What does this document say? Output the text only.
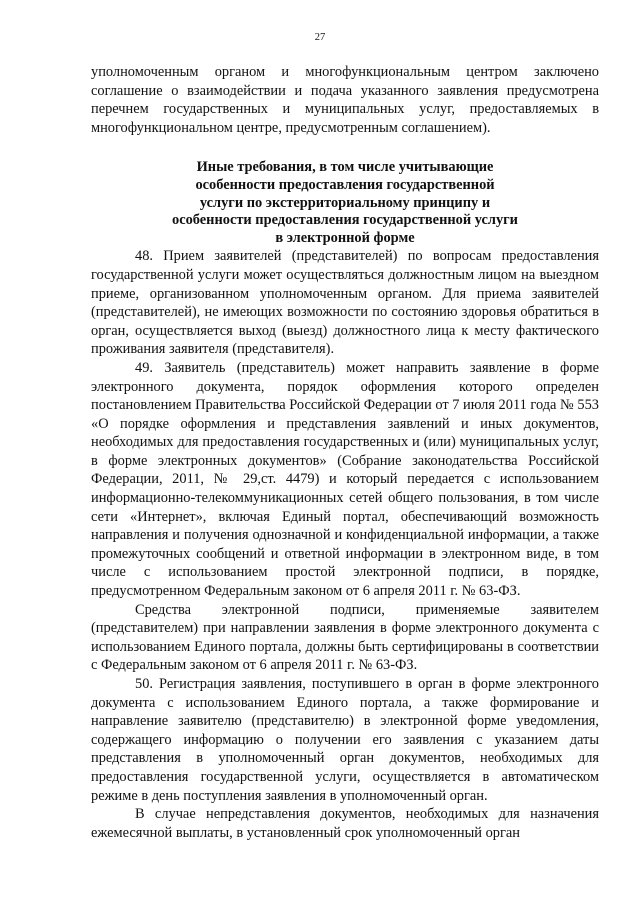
27

уполномоченным органом и многофункциональным центром заключено соглашение о взаимодействии и подача указанного заявления предусмотрена перечнем государственных и муниципальных услуг, предоставляемых в многофункциональном центре, предусмотренным соглашением).

Иные требования, в том числе учитывающие
особенности предоставления государственной
услуги по экстерриториальному принципу и
особенности предоставления государственной услуги
в электронной форме

48. Прием заявителей (представителей) по вопросам предоставления государственной услуги может осуществляться должностным лицом на выездном приеме, организованном уполномоченным органом. Для приема заявителей (представителей), не имеющих возможности по состоянию здоровья обратиться в орган, осуществляется выход (выезд) должностного лица к месту фактического проживания заявителя (представителя).

49. Заявитель (представитель) может направить заявление в форме электронного документа, порядок оформления которого определен постановлением Правительства Российской Федерации от 7 июля 2011 года № 553 «О порядке оформления и представления заявлений и иных документов, необходимых для предоставления государственных и (или) муниципальных услуг, в форме электронных документов» (Собрание законодательства Российской Федерации, 2011, № 29,ст. 4479) и который передается с использованием информационно-телекоммуникационных сетей общего пользования, в том числе сети «Интернет», включая Единый портал, обеспечивающий возможность направления и получения однозначной и конфиденциальной информации, а также промежуточных сообщений и ответной информации в электронном виде, в том числе с использованием простой электронной подписи, в порядке, предусмотренном Федеральным законом от 6 апреля 2011 г. № 63-ФЗ.

Средства электронной подписи, применяемые заявителем (представителем) при направлении заявления в форме электронного документа с использованием Единого портала, должны быть сертифицированы в соответствии с Федеральным законом от 6 апреля 2011 г. № 63-ФЗ.

50. Регистрация заявления, поступившего в орган в форме электронного документа с использованием Единого портала, а также формирование и направление заявителю (представителю) в электронной форме уведомления, содержащего информацию о получении его заявления с указанием даты представления в уполномоченный орган документов, необходимых для предоставления государственной услуги, осуществляется в автоматическом режиме в день поступления заявления в уполномоченный орган.

В случае непредставления документов, необходимых для назначения ежемесячной выплаты, в установленный срок уполномоченный орган
